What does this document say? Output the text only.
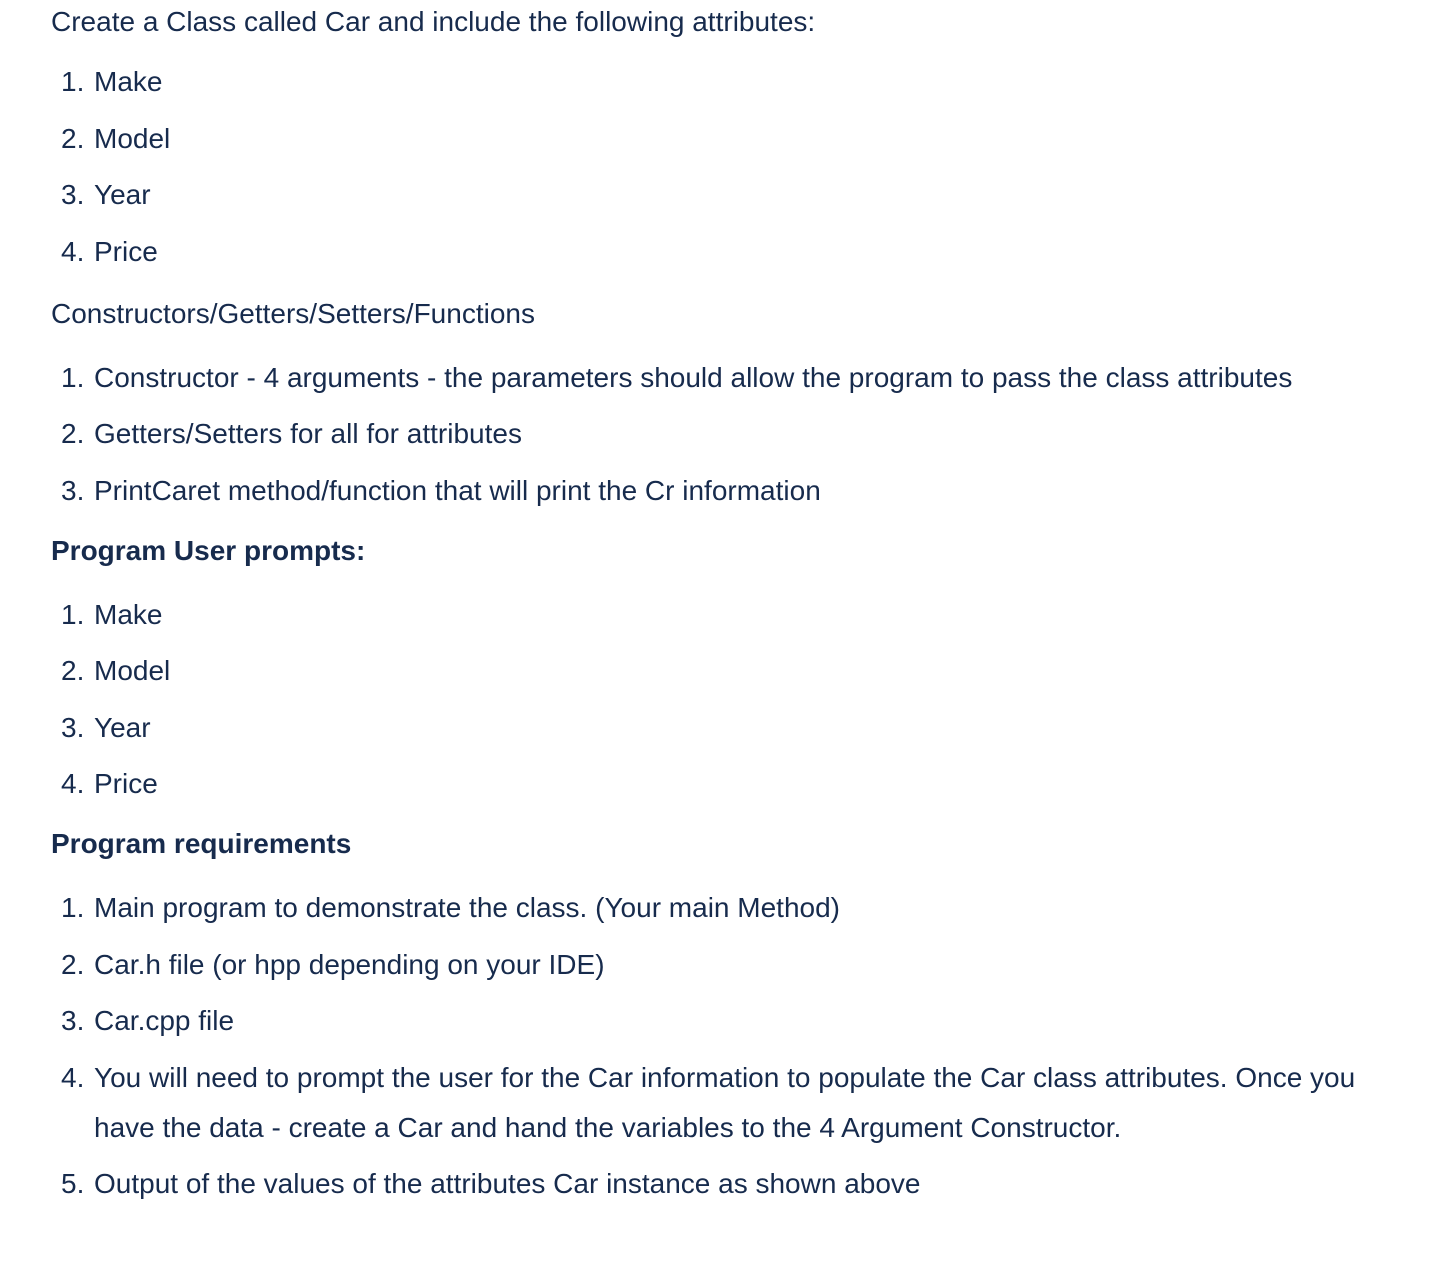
Create a Class called Car and include the following attributes:

1. Make
2. Model
3. Year
4. Price

Constructors/Getters/Setters/Functions

1. Constructor - 4 arguments - the parameters should allow the program to pass the class attributes
2. Getters/Setters for all for attributes
3. PrintCaret method/function that will print the Cr information

Program User prompts:

1. Make
2. Model
3. Year
4. Price

Program requirements

1. Main program to demonstrate the class. (Your main Method)
2. Car.h file (or hpp depending on your IDE)
3. Car.cpp file
4. You will need to prompt the user for the Car information to populate the Car class attributes. Once you have the data - create a Car and hand the variables to the 4 Argument Constructor.
5. Output of the values of the attributes Car instance as shown above
